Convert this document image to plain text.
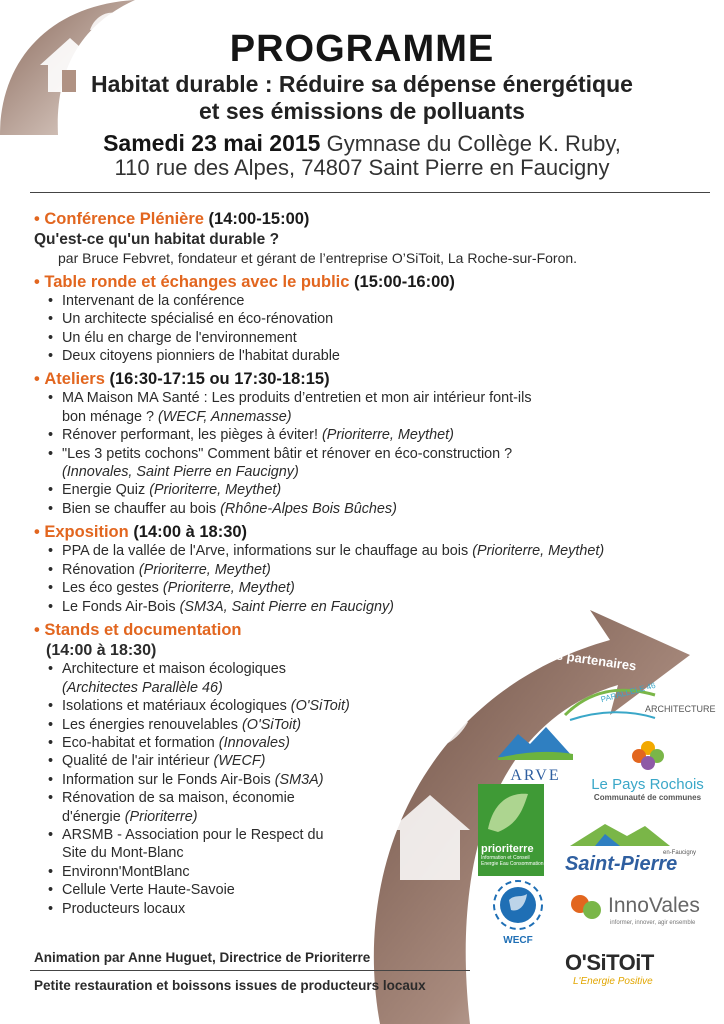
PROGRAMME
Habitat durable : Réduire sa dépense énergétique
et ses émissions de polluants
Samedi 23 mai 2015 Gymnase du Collège K. Ruby,
110 rue des Alpes, 74807 Saint Pierre en Faucigny
• Conférence Plénière (14:00-15:00)
Qu'est-ce qu'un habitat durable ?
par Bruce Febvret, fondateur et gérant de l’entreprise O’SiToit, La Roche-sur-Foron.
• Table ronde et échanges avec le public (15:00-16:00)
• Intervenant de la conférence
• Un architecte spécialisé en éco-rénovation
• Un élu en charge de l'environnement
• Deux citoyens pionniers de l'habitat durable
• Ateliers (16:30-17:15 ou 17:30-18:15)
• MA Maison MA Santé : Les produits d’entretien et mon air intérieur font-ils bon ménage ? (WECF, Annemasse)
• Rénover performant, les pièges à éviter! (Prioriterre, Meythet)
• "Les 3 petits cochons" Comment bâtir et rénover en éco-construction ?
(Innovales, Saint Pierre en Faucigny)
• Energie Quiz (Prioriterre, Meythet)
• Bien se chauffer au bois (Rhône-Alpes Bois Bûches)
• Exposition (14:00 à 18:30)
• PPA de la vallée de l'Arve, informations sur le chauffage au bois (Prioriterre, Meythet)
• Rénovation (Prioriterre, Meythet)
• Les éco gestes (Prioriterre, Meythet)
• Le Fonds Air-Bois (SM3A, Saint Pierre en Faucigny)
• Stands et documentation
(14:00 à 18:30)
• Architecture et maison écologiques
(Architectes Parallèle 46)
• Isolations et matériaux écologiques (O'SiToit)
• Les énergies renouvelables (O'SiToit)
• Eco-habitat et formation (Innovales)
• Qualité de l'air intérieur (WECF)
• Information sur le Fonds Air-Bois (SM3A)
• Rénovation de sa maison, économie d'énergie (Prioriterre)
• ARSMB - Association pour le Respect du Site du Mont-Blanc
• Environn'MontBlanc
• Cellule Verte Haute-Savoie
• Producteurs locaux
Animation par Anne Huguet, Directrice de Prioriterre
Petite restauration et boissons issues de producteurs locaux
Nos partenaires
PARALLELE 46
ARCHITECTURE
ARVE
Le Pays Rochois
Communauté de communes
prioriterre
Information et Conseil
Energie Eau Consommation Saint-Pierre
en-Faucigny
WECF
InnoVales
informer, innover, agir ensemble
O'SiTOiT
L'Energie Positive
